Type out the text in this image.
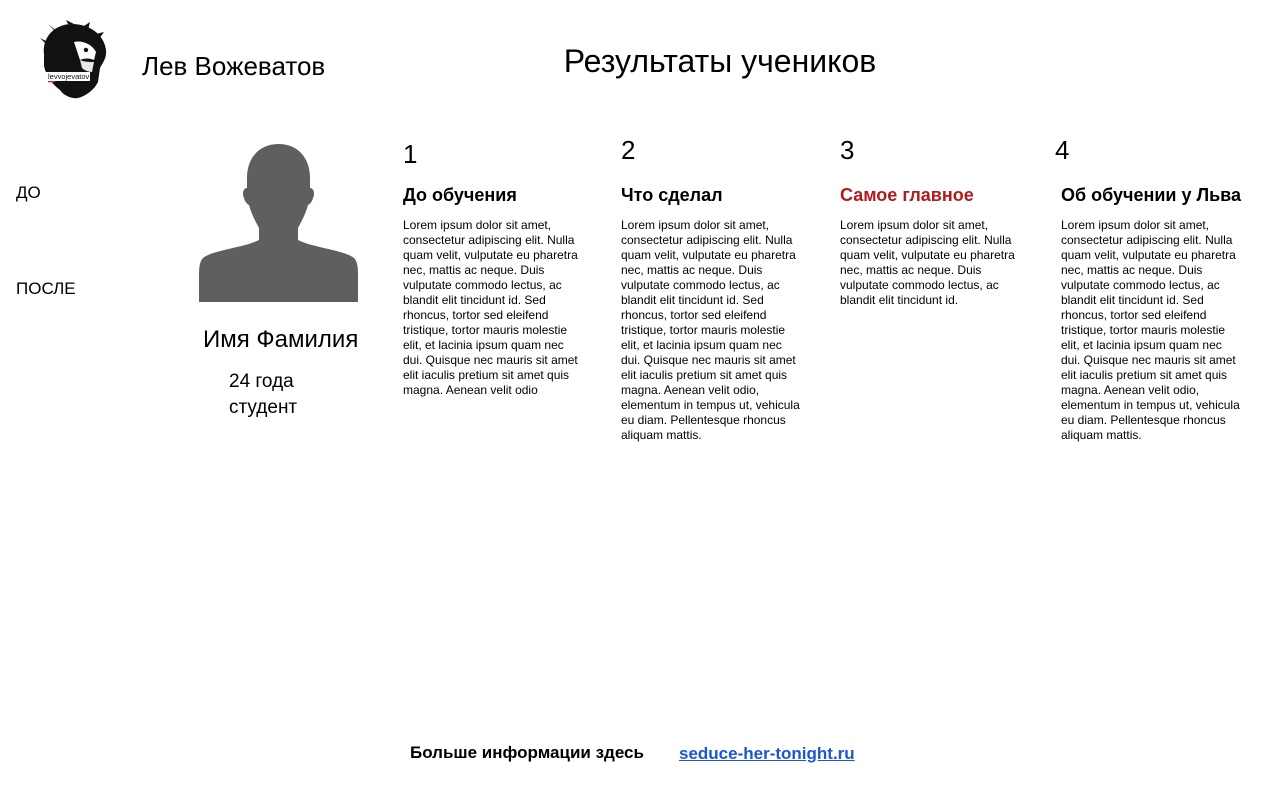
levvojevatov Лев Вожеватов	Результаты учеников
ДО
ПОСЛЕ
Имя Фамилия
24 года
студент
1
До обучения
Lorem ipsum dolor sit amet, consectetur adipiscing elit. Nulla quam velit, vulputate eu pharetra nec, mattis ac neque. Duis vulputate commodo lectus, ac blandit elit tincidunt id. Sed rhoncus, tortor sed eleifend tristique, tortor mauris molestie elit, et lacinia ipsum quam nec dui. Quisque nec mauris sit amet elit iaculis pretium sit amet quis magna. Aenean velit odio
2
Что сделал
Lorem ipsum dolor sit amet, consectetur adipiscing elit. Nulla quam velit, vulputate eu pharetra nec, mattis ac neque. Duis vulputate commodo lectus, ac blandit elit tincidunt id. Sed rhoncus, tortor sed eleifend tristique, tortor mauris molestie elit, et lacinia ipsum quam nec dui. Quisque nec mauris sit amet elit iaculis pretium sit amet quis magna. Aenean velit odio, elementum in tempus ut, vehicula eu diam. Pellentesque rhoncus aliquam mattis.
3
Самое главное
Lorem ipsum dolor sit amet, consectetur adipiscing elit. Nulla quam velit, vulputate eu pharetra nec, mattis ac neque. Duis vulputate commodo lectus, ac blandit elit tincidunt id.
4
Об обучении у Льва
Lorem ipsum dolor sit amet, consectetur adipiscing elit. Nulla quam velit, vulputate eu pharetra nec, mattis ac neque. Duis vulputate commodo lectus, ac blandit elit tincidunt id. Sed rhoncus, tortor sed eleifend tristique, tortor mauris molestie elit, et lacinia ipsum quam nec dui. Quisque nec mauris sit amet elit iaculis pretium sit amet quis magna. Aenean velit odio, elementum in tempus ut, vehicula eu diam. Pellentesque rhoncus aliquam mattis.
Больше информации здесь seduce-her-tonight.ru
